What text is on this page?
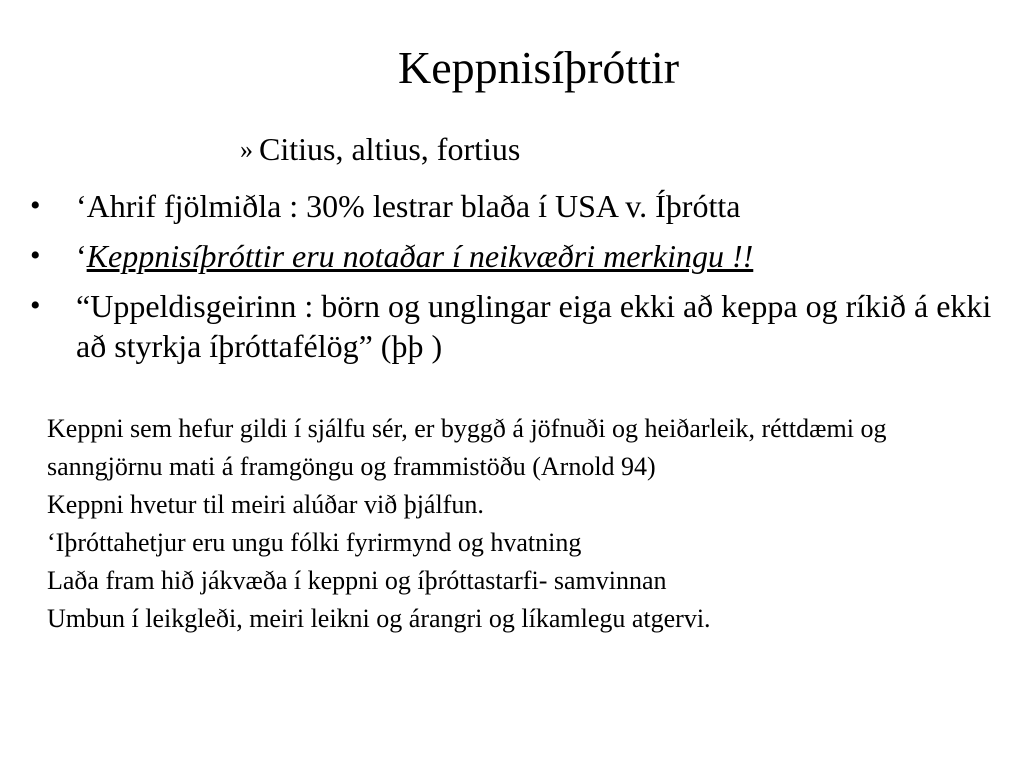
Keppnisíþróttir
» Citius, altius, fortius
•	‘Ahrif fjölmiðla : 30% lestrar blaða í USA v. Íþrótta
•	‘Keppnisíþróttir eru notaðar í neikvæðri merkingu !!
•	“Uppeldisgeirinn : börn og unglingar eiga ekki að keppa og ríkið á ekki að styrkja íþróttafélög” (þþ )

Keppni sem hefur gildi í sjálfu sér, er byggð á jöfnuði og heiðarleik, réttdæmi og sanngjörnu mati á framgöngu og frammistöðu (Arnold 94)

Keppni hvetur til meiri alúðar við þjálfun.

‘Iþróttahetjur eru ungu fólki fyrirmynd og hvatning

Laða fram hið jákvæða í keppni og íþróttastarfi- samvinnan

Umbun í leikgleði, meiri leikni og árangri og líkamlegu atgervi.
